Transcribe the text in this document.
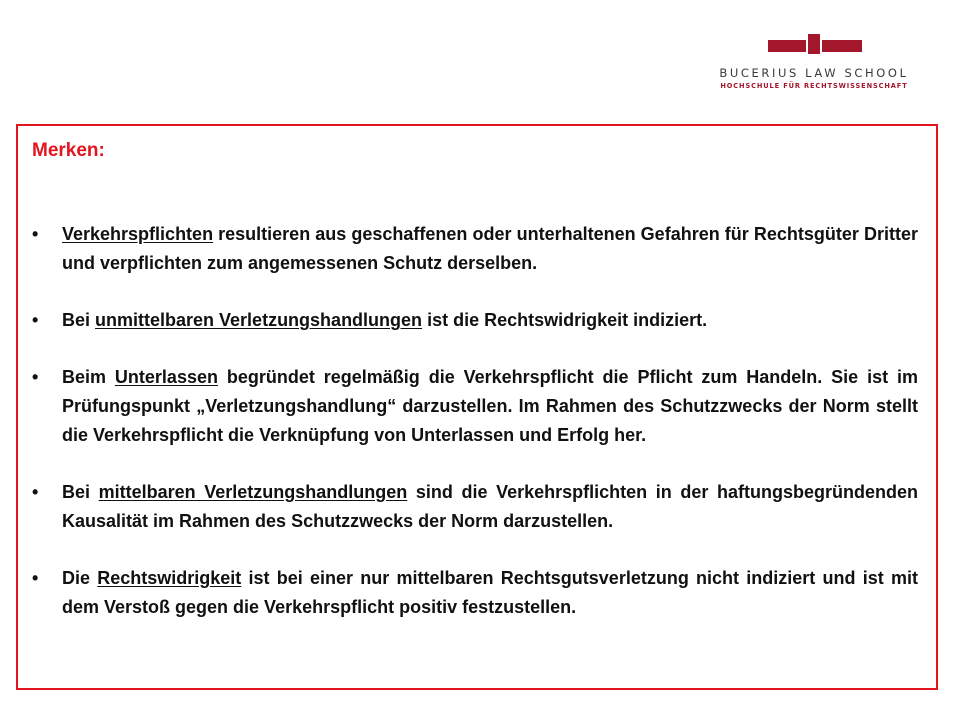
BUCERIUS LAW SCHOOL
HOCHSCHULE FÜR RECHTSWISSENSCHAFT
Merken:
• Verkehrspflichten resultieren aus geschaffenen oder unterhaltenen Gefahren für Rechtsgüter Dritter und verpflichten zum angemessenen Schutz derselben.
• Bei unmittelbaren Verletzungshandlungen ist die Rechtswidrigkeit indiziert.
• Beim Unterlassen begründet regelmäßig die Verkehrspflicht die Pflicht zum Handeln. Sie ist im Prüfungspunkt „Verletzungshandlung“ darzustellen. Im Rahmen des Schutzzwecks der Norm stellt die Verkehrspflicht die Verknüpfung von Unterlassen und Erfolg her.
• Bei mittelbaren Verletzungshandlungen sind die Verkehrspflichten in der haftungsbegründenden Kausalität im Rahmen des Schutzzwecks der Norm darzustellen.
• Die Rechtswidrigkeit ist bei einer nur mittelbaren Rechtsgutsverletzung nicht indiziert und ist mit dem Verstoß gegen die Verkehrspflicht positiv festzustellen.
